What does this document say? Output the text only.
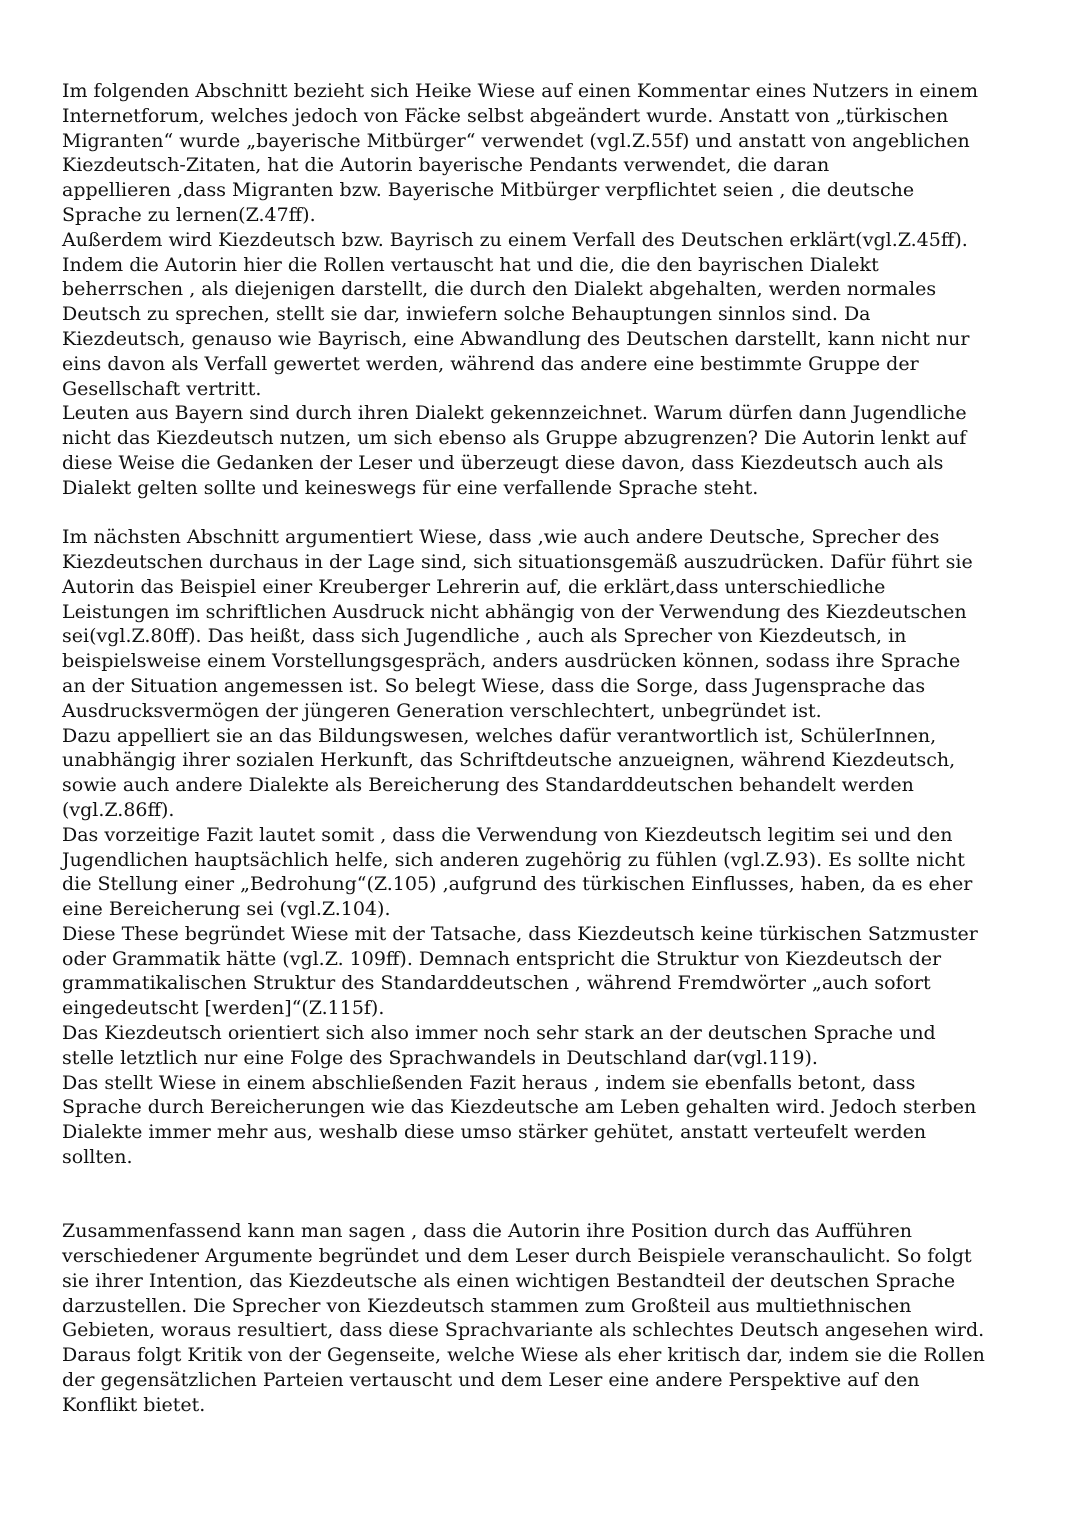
Im folgenden Abschnitt bezieht sich Heike Wiese auf einen Kommentar eines Nutzers in einem
Internetforum, welches jedoch von Fäcke selbst abgeändert wurde. Anstatt von „türkischen
Migranten“ wurde „bayerische Mitbürger“ verwendet (vgl.Z.55f) und anstatt von angeblichen
Kiezdeutsch-Zitaten, hat die Autorin bayerische Pendants verwendet, die daran
appellieren ‚dass Migranten bzw. Bayerische Mitbürger verpflichtet seien , die deutsche
Sprache zu lernen(Z.47ff).
Außerdem wird Kiezdeutsch bzw. Bayrisch zu einem Verfall des Deutschen erklärt(vgl.Z.45ff).
Indem die Autorin hier die Rollen vertauscht hat und die, die den bayrischen Dialekt
beherrschen , als diejenigen darstellt, die durch den Dialekt abgehalten, werden normales
Deutsch zu sprechen, stellt sie dar, inwiefern solche Behauptungen sinnlos sind. Da
Kiezdeutsch, genauso wie Bayrisch, eine Abwandlung des Deutschen darstellt, kann nicht nur
eins davon als Verfall gewertet werden, während das andere eine bestimmte Gruppe der
Gesellschaft vertritt.
Leuten aus Bayern sind durch ihren Dialekt gekennzeichnet. Warum dürfen dann Jugendliche
nicht das Kiezdeutsch nutzen, um sich ebenso als Gruppe abzugrenzen? Die Autorin lenkt auf
diese Weise die Gedanken der Leser und überzeugt diese davon, dass Kiezdeutsch auch als
Dialekt gelten sollte und keineswegs für eine verfallende Sprache steht.
Im nächsten Abschnitt argumentiert Wiese, dass ‚wie auch andere Deutsche, Sprecher des
Kiezdeutschen durchaus in der Lage sind, sich situationsgemäß auszudrücken. Dafür führt sie
Autorin das Beispiel einer Kreuberger Lehrerin auf, die erklärt,dass unterschiedliche
Leistungen im schriftlichen Ausdruck nicht abhängig von der Verwendung des Kiezdeutschen
sei(vgl.Z.80ff). Das heißt, dass sich Jugendliche , auch als Sprecher von Kiezdeutsch, in
beispielsweise einem Vorstellungsgespräch, anders ausdrücken können, sodass ihre Sprache
an der Situation angemessen ist. So belegt Wiese, dass die Sorge, dass Jugensprache das
Ausdrucksvermögen der jüngeren Generation verschlechtert, unbegründet ist.
Dazu appelliert sie an das Bildungswesen, welches dafür verantwortlich ist, SchülerInnen,
unabhängig ihrer sozialen Herkunft, das Schriftdeutsche anzueignen, während Kiezdeutsch,
sowie auch andere Dialekte als Bereicherung des Standarddeutschen behandelt werden
(vgl.Z.86ff).
Das vorzeitige Fazit lautet somit , dass die Verwendung von Kiezdeutsch legitim sei und den
Jugendlichen hauptsächlich helfe, sich anderen zugehörig zu fühlen (vgl.Z.93). Es sollte nicht
die Stellung einer „Bedrohung“(Z.105) ‚aufgrund des türkischen Einflusses, haben, da es eher
eine Bereicherung sei (vgl.Z.104).
Diese These begründet Wiese mit der Tatsache, dass Kiezdeutsch keine türkischen Satzmuster
oder Grammatik hätte (vgl.Z. 109ff). Demnach entspricht die Struktur von Kiezdeutsch der
grammatikalischen Struktur des Standarddeutschen , während Fremdwörter „auch sofort
eingedeutscht [werden]“(Z.115f).
Das Kiezdeutsch orientiert sich also immer noch sehr stark an der deutschen Sprache und
stelle letztlich nur eine Folge des Sprachwandels in Deutschland dar(vgl.119).
Das stellt Wiese in einem abschließenden Fazit heraus , indem sie ebenfalls betont, dass
Sprache durch Bereicherungen wie das Kiezdeutsche am Leben gehalten wird. Jedoch sterben
Dialekte immer mehr aus, weshalb diese umso stärker gehütet, anstatt verteufelt werden
sollten.
Zusammenfassend kann man sagen , dass die Autorin ihre Position durch das Aufführen
verschiedener Argumente begründet und dem Leser durch Beispiele veranschaulicht. So folgt
sie ihrer Intention, das Kiezdeutsche als einen wichtigen Bestandteil der deutschen Sprache
darzustellen. Die Sprecher von Kiezdeutsch stammen zum Großteil aus multiethnischen
Gebieten, woraus resultiert, dass diese Sprachvariante als schlechtes Deutsch angesehen wird.
Daraus folgt Kritik von der Gegenseite, welche Wiese als eher kritisch dar, indem sie die Rollen
der gegensätzlichen Parteien vertauscht und dem Leser eine andere Perspektive auf den
Konflikt bietet.
